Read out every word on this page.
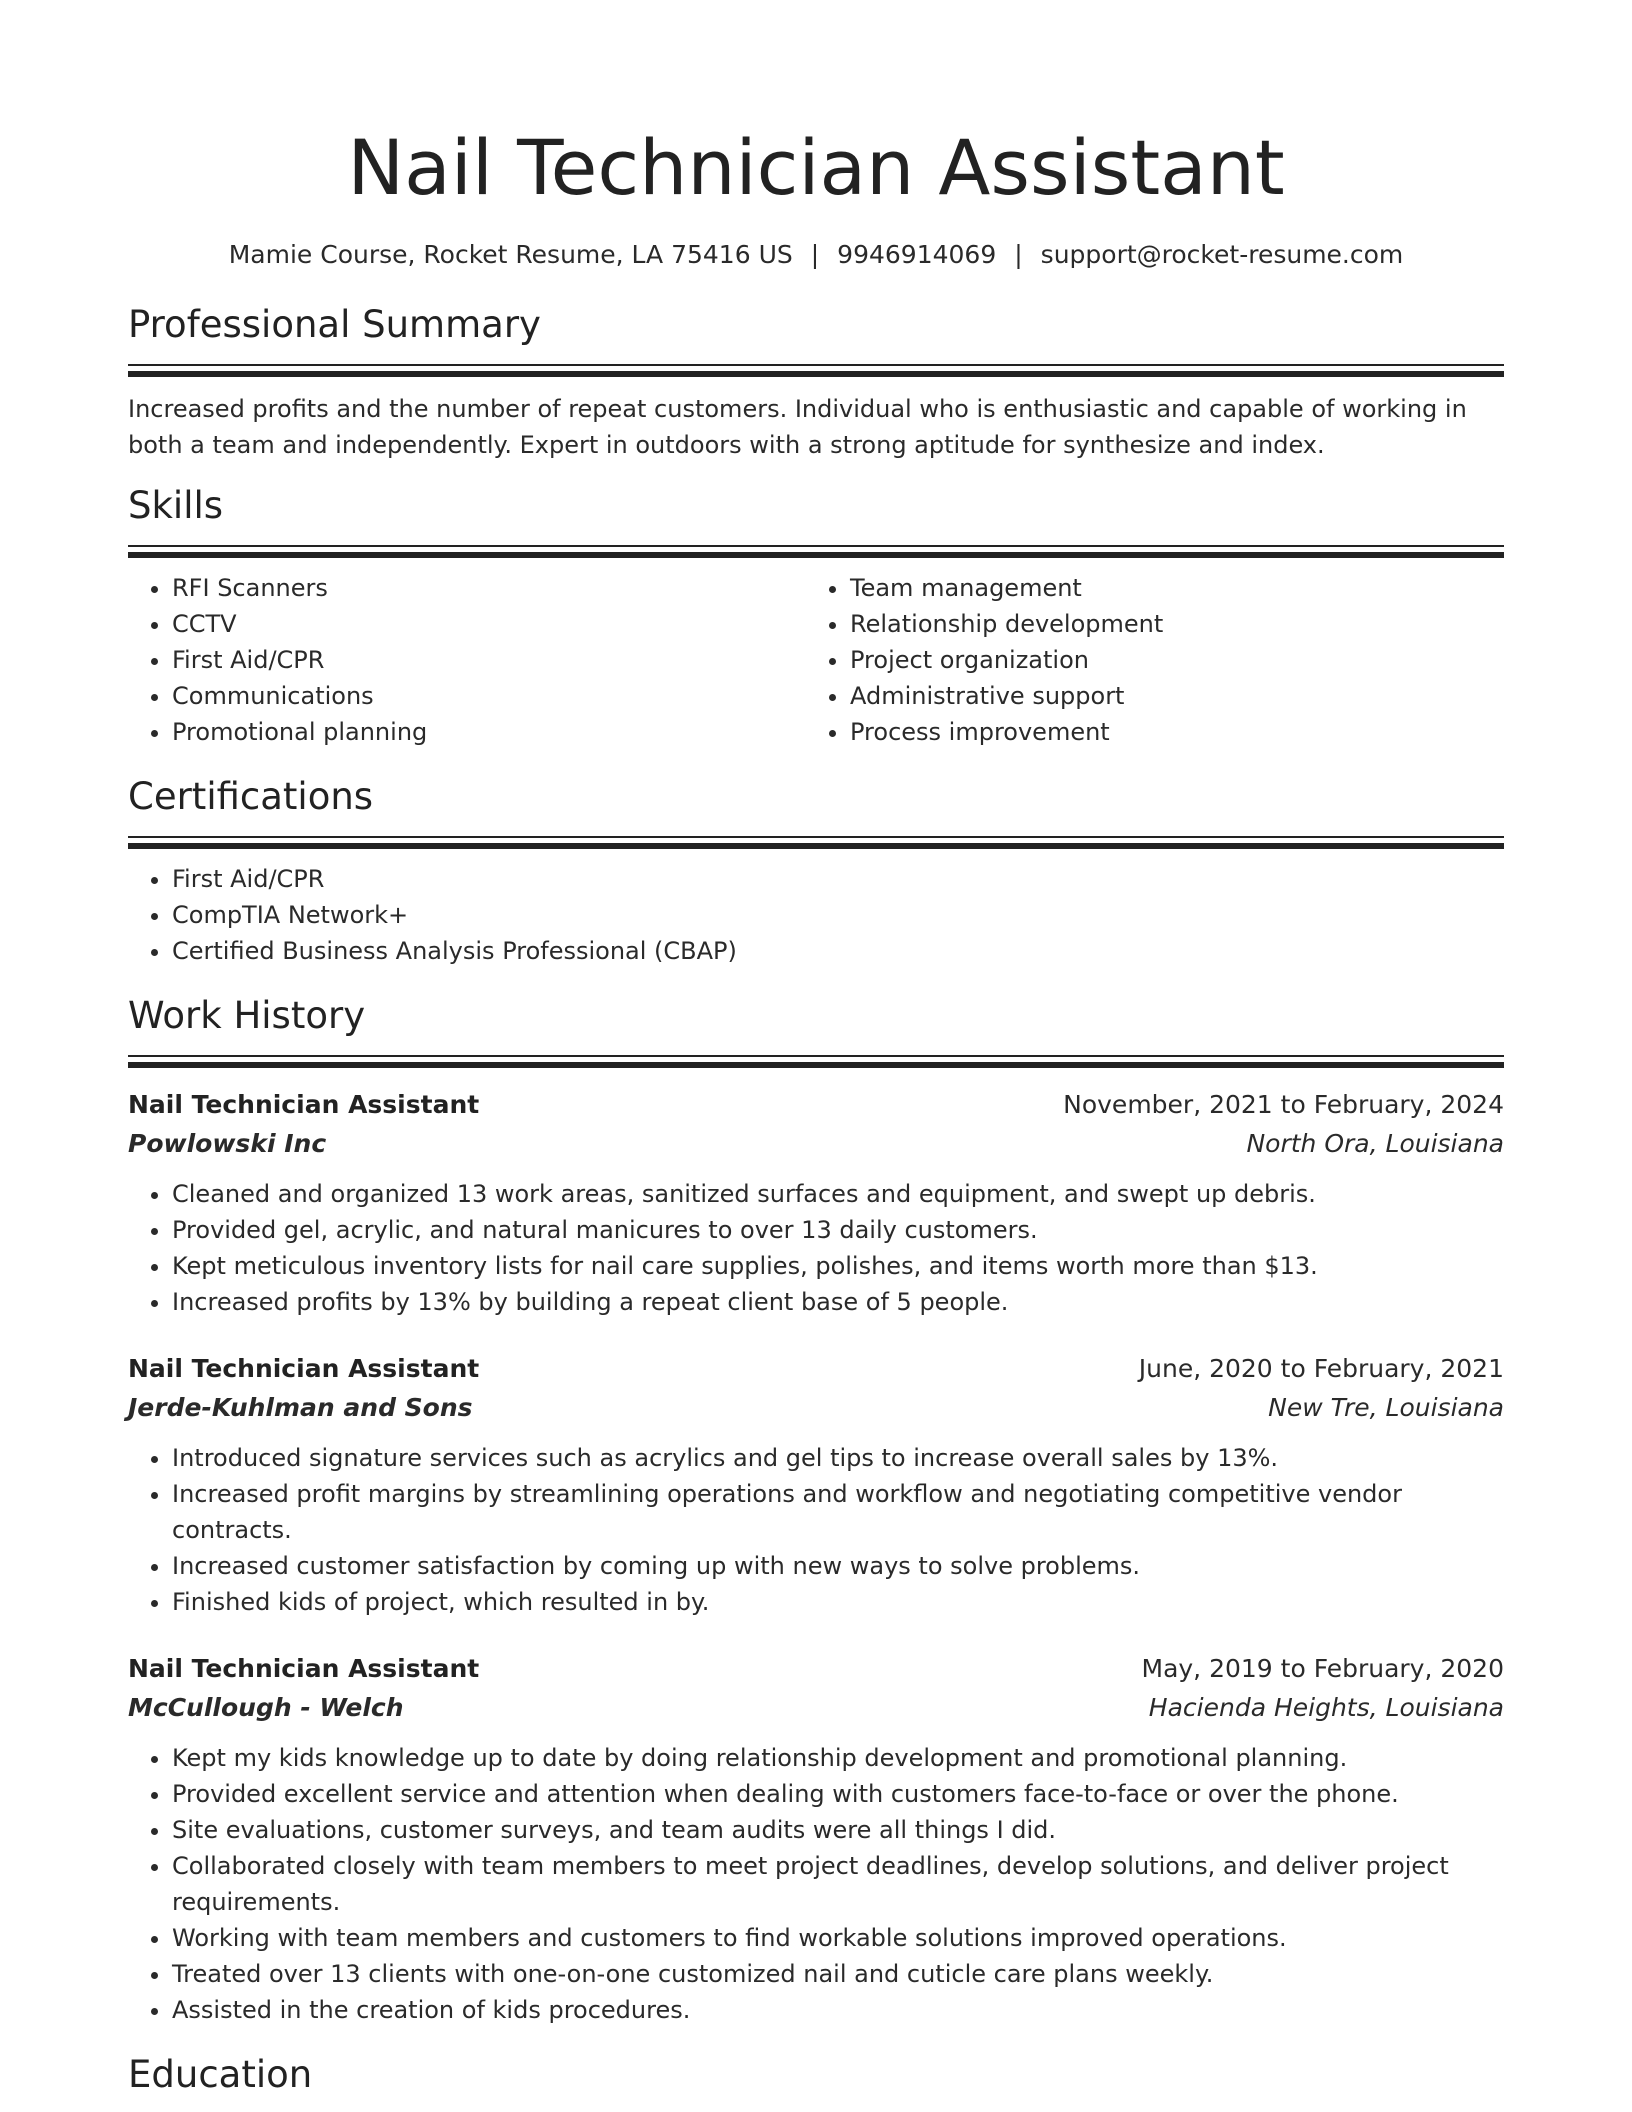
Nail Technician Assistant
Mamie Course, Rocket Resume, LA 75416 US | 9946914069 | support@rocket-resume.com
Professional Summary
Increased profits and the number of repeat customers. Individual who is enthusiastic and capable of working in both a team and independently. Expert in outdoors with a strong aptitude for synthesize and index.
Skills
• RFI Scanners
• CCTV
• First Aid/CPR
• Communications
• Promotional planning
• Team management
• Relationship development
• Project organization
• Administrative support
• Process improvement
Certifications
• First Aid/CPR
• CompTIA Network+
• Certified Business Analysis Professional (CBAP)
Work History
Nail Technician Assistant	November, 2021 to February, 2024
Powlowski Inc	North Ora, Louisiana
• Cleaned and organized 13 work areas, sanitized surfaces and equipment, and swept up debris.
• Provided gel, acrylic, and natural manicures to over 13 daily customers.
• Kept meticulous inventory lists for nail care supplies, polishes, and items worth more than $13.
• Increased profits by 13% by building a repeat client base of 5 people.
Nail Technician Assistant	June, 2020 to February, 2021
Jerde-Kuhlman and Sons	New Tre, Louisiana
• Introduced signature services such as acrylics and gel tips to increase overall sales by 13%.
• Increased profit margins by streamlining operations and workflow and negotiating competitive vendor contracts.
• Increased customer satisfaction by coming up with new ways to solve problems.
• Finished kids of project, which resulted in by.
Nail Technician Assistant	May, 2019 to February, 2020
McCullough - Welch	Hacienda Heights, Louisiana
• Kept my kids knowledge up to date by doing relationship development and promotional planning.
• Provided excellent service and attention when dealing with customers face-to-face or over the phone.
• Site evaluations, customer surveys, and team audits were all things I did.
• Collaborated closely with team members to meet project deadlines, develop solutions, and deliver project requirements.
• Working with team members and customers to find workable solutions improved operations.
• Treated over 13 clients with one-on-one customized nail and cuticle care plans weekly.
• Assisted in the creation of kids procedures.
Education
